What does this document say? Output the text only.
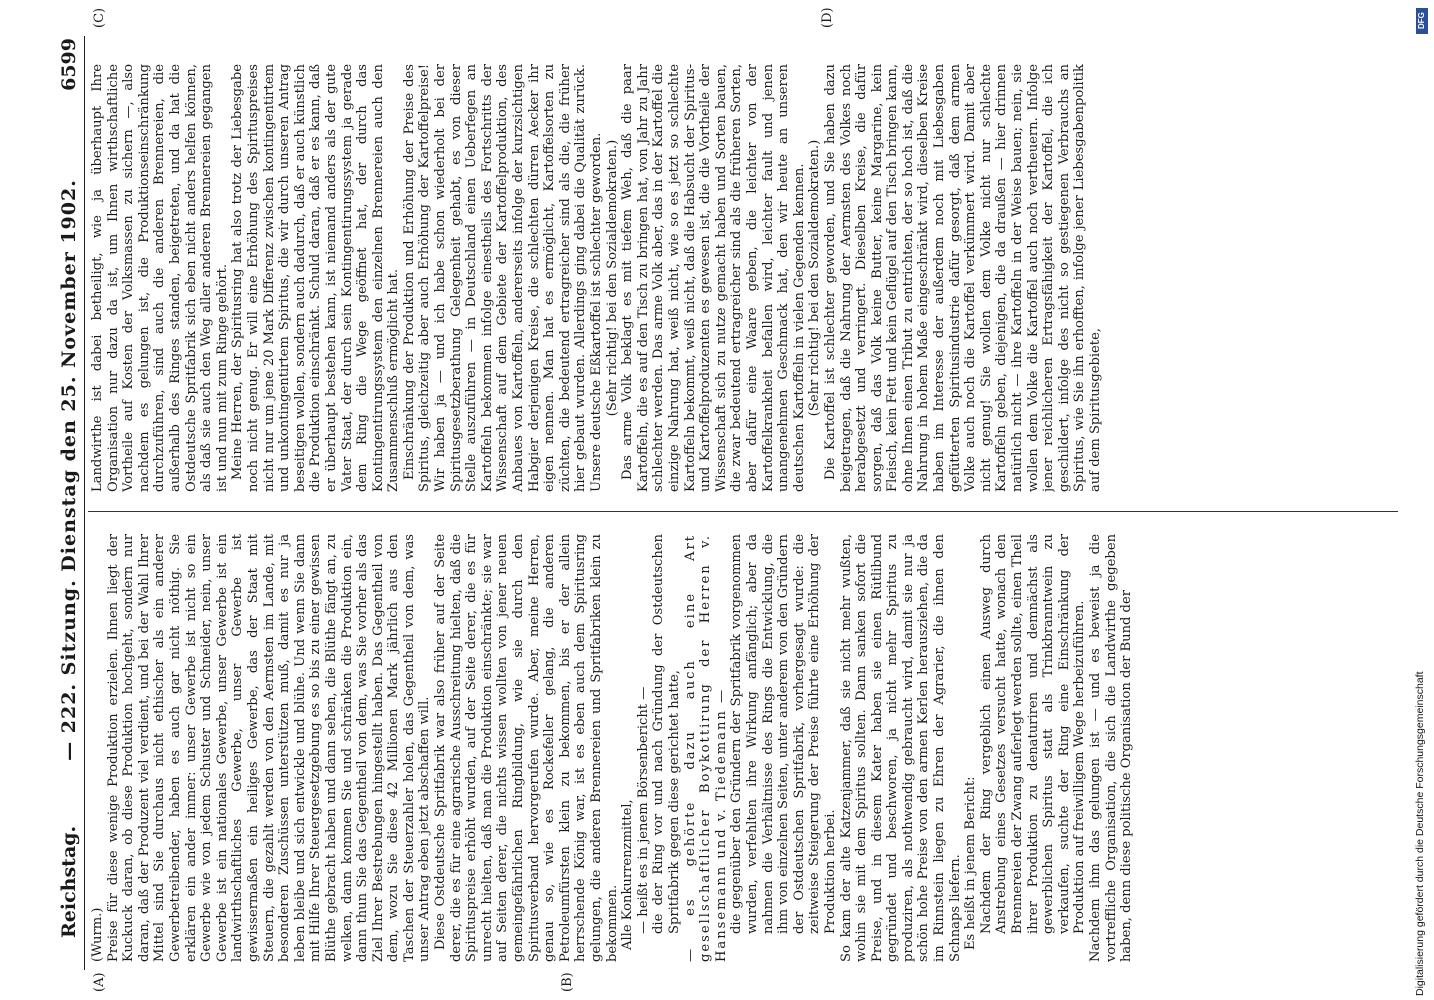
Reichstag.
— 222. Sitzung. Dienstag den 25. November 1902.
6599
(A)	(B)
(C)	(D)

(Wurm.) Preise für diese wenige Produktion erzielen. Ihnen liegt der Kuckuck daran, ob diese Produktion hochgeht, sondern nur daran, daß der Produzent viel verdient, und bei der Wahl Ihrer Mittel sind Sie durchaus nicht ethischer als ein anderer Gewerbetreibender, haben es auch gar nicht nöthig. Sie erklären ein ander immer: unser Gewerbe ist nicht so ein Gewerbe wie von jedem Schuster und Schneider, nein, unser Gewerbe ist ein nationales Gewerbe, unser Gewerbe ist ein landwirthschaftliches Gewerbe, unser Gewerbe ist gewissermaßen ein heiliges Gewerbe, das der Staat mit Steuern, die gezahlt werden von den Aermsten im Lande, mit besonderen Zuschüssen unterstützen muß, damit es nur ja leben bleibe und sich entwickle und blühe. Und wenn Sie dann mit Hilfe Ihrer Steuergesetzgebung es so bis zu einer gewissen Blüthe gebracht haben und dann sehen, die Blüthe fängt an, zu welken, dann kommen Sie und schränken die Produktion ein, dann thun Sie das Gegentheil von dem, was Sie vorher als das Ziel Ihrer Bestrebungen hingestellt haben. Das Gegentheil von dem, wozu Sie diese 42 Millionen Mark jährlich aus den Taschen der Steuerzahler holen, das Gegentheil von dem, was unser Antrag eben jetzt abschaffen will. Diese Ostdeutsche Spritfabrik war also früher auf der Seite derer, die es für eine agrarische Ausschreitung hielten, daß die Spirituspreise erhöht wurden, auf der Seite derer, die es für unrecht hielten, daß man die Produktion einschränkte; sie war auf Seiten derer, die nichts wissen wollten von jener neuen gemeingefährlichen Ringbildung, wie sie durch den Spiritusverband hervorgerufen wurde. Aber, meine Herren, genau so, wie es Rockefeller gelang, die anderen Petroleumfürsten klein zu bekommen, bis er der allein herrschende König war, ist es eben auch dem Spiritusring gelungen, die anderen Brennereien und Spritfabriken klein zu bekommen. Alle Konkurrenzmittel, — heißt es in jenem Börsenbericht — die der Ring vor und nach Gründung der Ostdeutschen Spritfabrik gegen diese gerichtet hatte, — es gehörte dazu auch eine Art gesellschaftlicher Boykottirung der Herren v. Hansemann und v. Tiedemann — die gegenüber den Gründern der Spritfabrik vorgenommen wurden, verfehlten ihre Wirkung anfänglich; aber da nahmen die Verhältnisse des Rings die Entwicklung, die ihm von einzelnen Seiten, unter anderem von den Gründern der Ostdeutschen Spritfabrik, vorhergesagt wurde: die zeitweise Steigerung der Preise führte eine Erhöhung der Produktion herbei. So kam der alte Katzenjammer, daß sie nicht mehr wußten, wohin sie mit dem Spiritus sollten. Dann sanken sofort die Preise, und in diesem Kater haben sie einen Rütlibund gegründet und beschworen, ja nicht mehr Spiritus zu produziren, als nothwendig gebraucht wird, damit sie nur ja schön hohe Preise von den armen Kerlen herausziehen, die da im Rinnstein liegen zu Ehren der Agrarier, die ihnen den Schnaps liefern. Es heißt in jenem Bericht: Nachdem der Ring vergeblich einen Ausweg durch Anstrebung eines Gesetzes versucht hatte, wonach den Brennereien der Zwang auferlegt werden sollte, einen Theil ihrer Produktion zu denaturiren und demnächst als gewerblichen Spiritus statt als Trinkbranntwein zu verkaufen, suchte der Ring eine Einschränkung der Produktion auf freiwilligem Wege herbeizuführen. Nachdem ihm das gelungen ist — und es beweist ja die vortreffliche Organisation, die sich die Landwirthe gegeben haben, denn diese politische Organisation der Bund der

Landwirthe ist dabei betheiligt, wie ja überhaupt Ihre Organisation nur dazu da ist, um Ihnen wirthschaftliche Vortheile auf Kosten der Volksmassen zu sichern —, also nachdem es gelungen ist, die Produktionseinschränkung durchzuführen, sind auch die anderen Brennereien, die außerhalb des Ringes standen, beigetreten, und da hat die Ostdeutsche Spritfabrik sich eben nicht anders helfen können, als daß sie auch den Weg aller anderen Brennereien gegangen ist und nun mit zum Ringe gehört. Meine Herren, der Spiritusring hat also trotz der Liebesgabe noch nicht genug. Er will eine Erhöhung des Spirituspreises nicht nur um jene 20 Mark Differenz zwischen kontingentirtem und unkontingentirtem Spiritus, die wir durch unseren Antrag beseitigen wollen, sondern auch dadurch, daß er auch künstlich die Produktion einschränkt. Schuld daran, daß er es kann, daß er überhaupt bestehen kann, ist niemand anders als der gute Vater Staat, der durch sein Kontingentirungssystem ja gerade dem Ring die Wege geöffnet hat, der durch das Kontingentirungssystem den einzelnen Brennereien auch den Zusammenschluß ermöglicht hat. Einschränkung der Produktion und Erhöhung der Preise des Spiritus, gleichzeitig aber auch Erhöhung der Kartoffelpreise! Wir haben ja — und ich habe schon wiederholt bei der Spiritusgesetzberathung Gelegenheit gehabt, es von dieser Stelle auszuführen — in Deutschland einen Ueberfegen an Kartoffeln bekommen infolge einestheils des Fortschritts der Wissenschaft auf dem Gebiete der Kartoffelproduktion, des Anbaues von Kartoffeln, andererseits infolge der kurzsichtigen Habgier derjenigen Kreise, die schlechten dürren Aecker ihr eigen nennen. Man hat es ermöglicht, Kartoffelsorten zu züchten, die bedeutend ertragreicher sind als die, die früher hier gebaut wurden. Allerdings ging dabei die Qualität zurück. Unsere deutsche Eßkartoffel ist schlechter geworden. (Sehr richtig! bei den Sozialdemokraten.) Das arme Volk beklagt es mit tiefem Weh, daß die paar Kartoffeln, die es auf den Tisch zu bringen hat, von Jahr zu Jahr schlechter werden. Das arme Volk aber, das in der Kartoffel die einzige Nahrung hat, weiß nicht, wie so es jetzt so schlechte Kartoffeln bekommt, weiß nicht, daß die Habsucht der Spiritus- und Kartoffelproduzenten es gewesen ist, die die Vortheile der Wissenschaft sich zu nutze gemacht haben und Sorten bauen, die zwar bedeutend ertragreicher sind als die früheren Sorten, aber dafür eine Waare geben, die leichter von der Kartoffelkrankheit befallen wird, leichter fault und jenen unangenehmen Geschmack hat, den wir heute an unseren deutschen Kartoffeln in vielen Gegenden kennen. (Sehr richtig! bei den Sozialdemokraten.) Die Kartoffel ist schlechter geworden, und Sie haben dazu beigetragen, daß die Nahrung der Aermsten des Volkes noch herabgesetzt und verringert. Dieselben Kreise, die dafür sorgen, daß das Volk keine Butter, keine Margarine, kein Fleisch, kein Fett und kein Geflügel auf den Tisch bringen kann, ohne Ihnen einen Tribut zu entrichten, der so hoch ist, daß die Nahrung in hohem Maße eingeschränkt wird, dieselben Kreise haben im Interesse der außerdem noch mit Liebesgaben gefütterten Spiritusindustrie dafür gesorgt, daß dem armen Volke auch noch die Kartoffel verkümmert wird. Damit aber nicht genug! Sie wollen dem Volke nicht nur schlechte Kartoffeln geben, diejenigen, die da draußen — hier drinnen natürlich nicht — ihre Kartoffeln in der Weise bauen; nein, sie wollen dem Volke die Kartoffel auch noch vertheuern. Infolge jener reichlicheren Ertragsfähigkeit der Kartoffel, die ich geschildert, infolge des nicht so gestiegenen Verbrauchs an Spiritus, wie Sie ihn erhofften, infolge jener Liebesgabenpolitik auf dem Spiritusgebiete,

DFG
Digitalisierung gefördert durch die Deutsche Forschungsgemeinschaft
